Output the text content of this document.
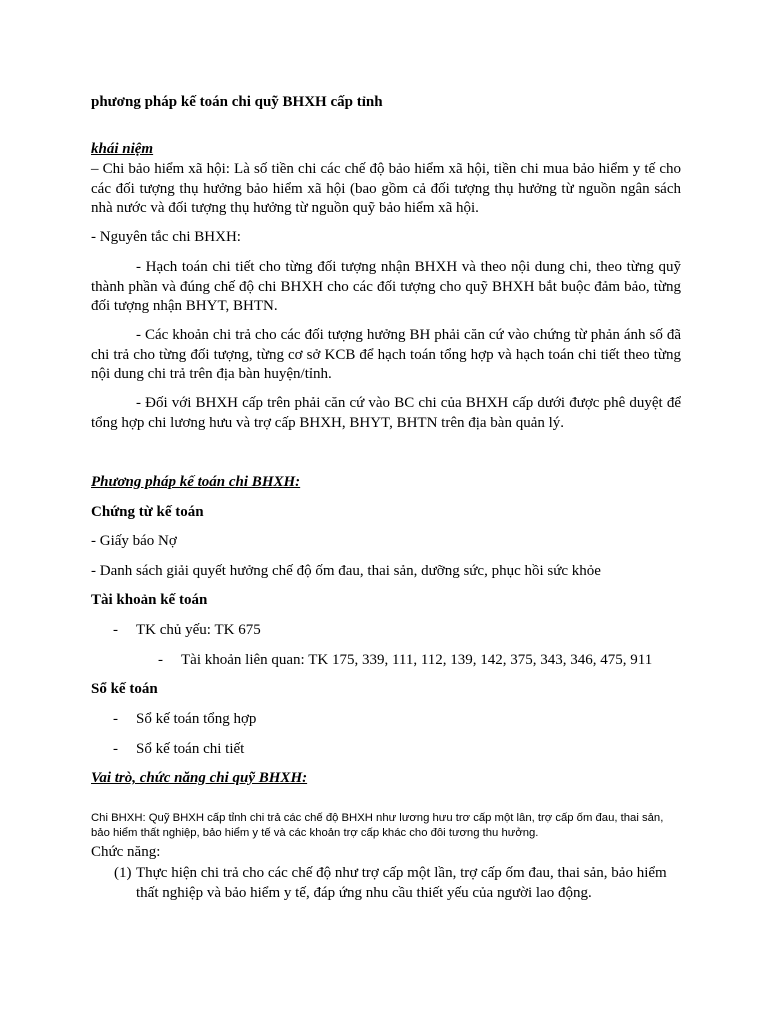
phương pháp kế toán chi quỹ BHXH cấp tỉnh
khái niệm
– Chi bảo hiểm xã hội: Là số tiền chi các chế độ bảo hiểm xã hội, tiền chi mua bảo hiểm y tế cho các đối tượng thụ hưởng bảo hiểm xã hội (bao gồm cả đối tượng thụ hưởng từ nguồn ngân sách nhà nước và đối tượng thụ hưởng từ nguồn quỹ bảo hiểm xã hội.
- Nguyên tắc chi BHXH:
- Hạch toán chi tiết cho từng đối tượng nhận BHXH và theo nội dung chi, theo từng quỹ thành phần và đúng chế độ chi BHXH cho các đối tượng cho quỹ BHXH bắt buộc đảm bảo, từng đối tượng nhận BHYT, BHTN.
- Các khoản chi trả cho các đối tượng hưởng BH phải căn cứ vào chứng từ phản ánh số đã chi trả cho từng đối tượng, từng cơ sở KCB để hạch toán tổng hợp và hạch toán chi tiết theo từng nội dung chi trả trên địa bàn huyện/tỉnh.
- Đối với BHXH cấp trên phải căn cứ vào BC chi của BHXH cấp dưới được phê duyệt để tổng hợp chi lương hưu và trợ cấp BHXH, BHYT, BHTN trên địa bàn quản lý.
Phương pháp kế toán chi BHXH:
Chứng từ kế toán
- Giấy báo Nợ
- Danh sách giải quyết hưởng chế độ ốm đau, thai sản, dưỡng sức, phục hồi sức khỏe
Tài khoản kế toán
- TK chủ yếu: TK 675
- Tài khoản liên quan: TK 175, 339, 111, 112, 139, 142, 375, 343, 346, 475, 911
Sổ kế toán
- Sổ kế toán tổng hợp
- Sổ kế toán chi tiết
Vai trò, chức năng chi quỹ BHXH:
Chi BHXH: Quỹ BHXH cấp tỉnh chi trả các chế độ BHXH như lương hưu trơ cấp một lân, trợ cấp ốm đau, thai sản, bảo hiểm thất nghiệp, bảo hiểm y tế và các khoản trợ cấp khác cho đôi tương thu hưởng.
Chức năng:
(1) Thực hiện chi trả cho các chế độ như trợ cấp một lần, trợ cấp ốm đau, thai sản, bảo hiểm thất nghiệp và bảo hiểm y tế, đáp ứng nhu cầu thiết yếu của người lao động.
